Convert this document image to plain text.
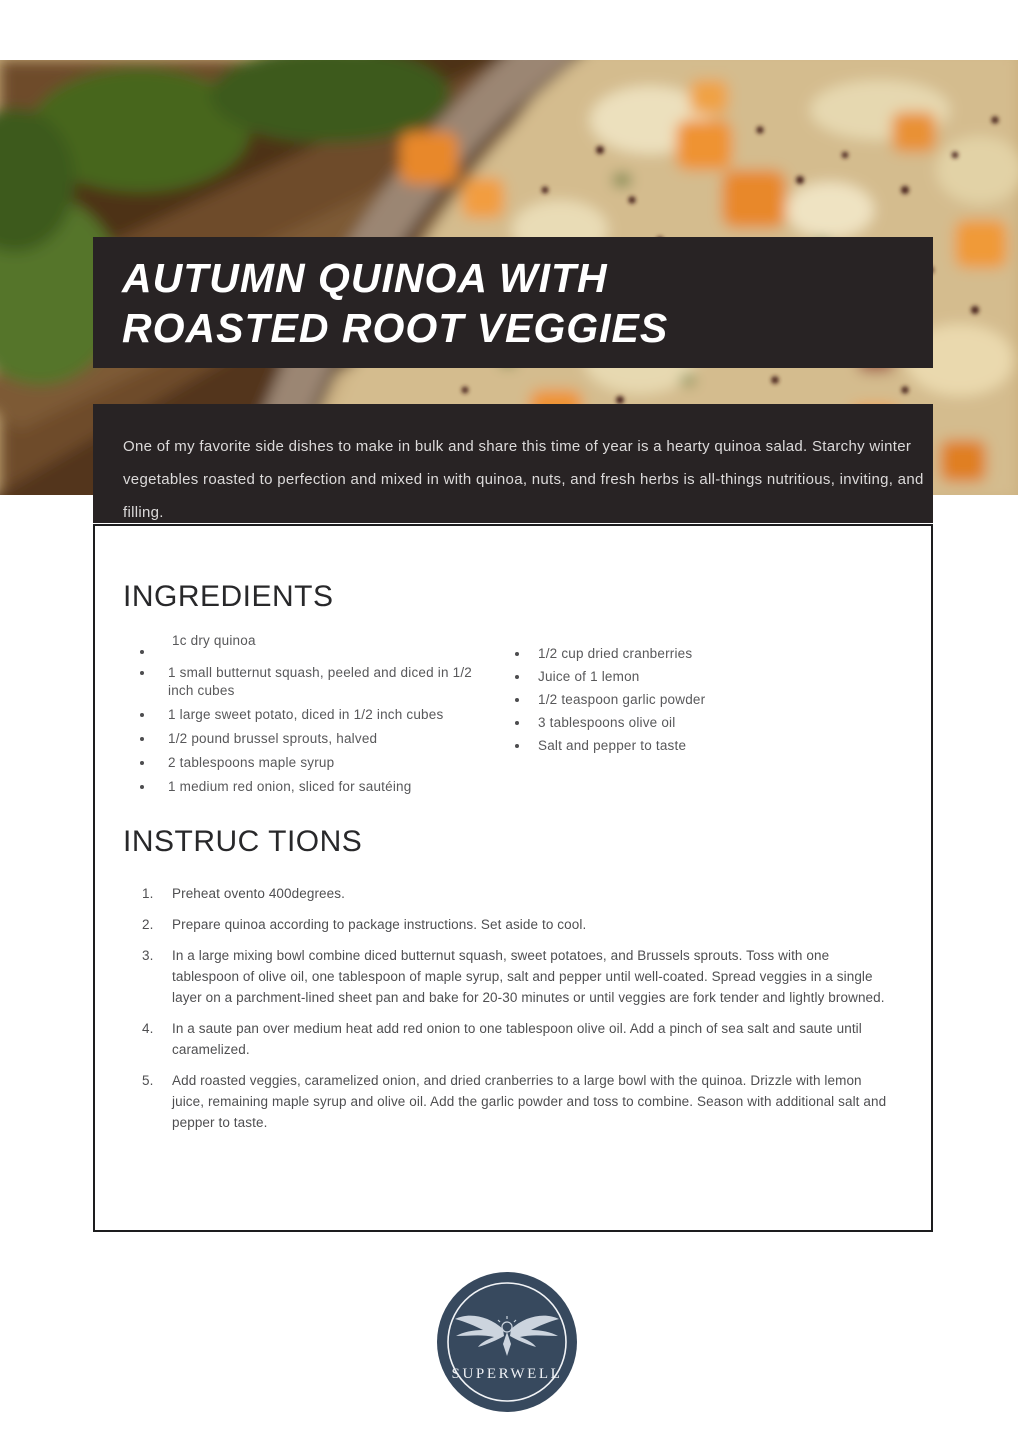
AUTUMN QUINOA WITH
ROASTED ROOT VEGGIES

One of my favorite side dishes to make in bulk and share this time of year is a hearty quinoa salad. Starchy winter vegetables roasted to perfection and mixed in with quinoa, nuts, and fresh herbs is all-things nutritious, inviting, and filling.

INGREDIENTS
1c dry quinoa
1 small butternut squash, peeled and diced in 1/2 inch cubes
1 large sweet potato, diced in 1/2 inch cubes
1/2 pound brussel sprouts, halved
2 tablespoons maple syrup
1 medium red onion, sliced for sautéing
1/2 cup dried cranberries
Juice of 1 lemon
1/2 teaspoon garlic powder
3 tablespoons olive oil
Salt and pepper to taste
INSTRUC TIONS
1.	Preheat ovento 400degrees.
2.	Prepare quinoa according to package instructions. Set aside to cool.
3.	In a large mixing bowl combine diced butternut squash, sweet potatoes, and Brussels sprouts. Toss with one tablespoon of olive oil, one tablespoon of maple syrup, salt and pepper until well-coated. Spread veggies in a single layer on a parchment-lined sheet pan and bake for 20-30 minutes or until veggies are fork tender and lightly browned.
4.	In a saute pan over medium heat add red onion to one tablespoon olive oil. Add a pinch of sea salt and saute until caramelized.
5.	Add roasted veggies, caramelized onion, and dried cranberries to a large bowl with the quinoa. Drizzle with lemon juice, remaining maple syrup and olive oil. Add the garlic powder and toss to combine. Season with additional salt and pepper to taste.
SUPERWELL
